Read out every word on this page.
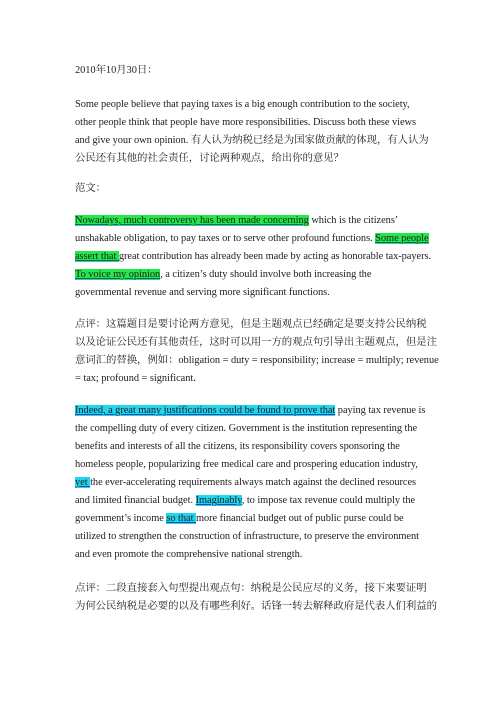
2010年10月30日：
Some people believe that paying taxes is a big enough contribution to the society,
other people think that people have more responsibilities. Discuss both these views
and give your own opinion. 有人认为纳税已经是为国家做贡献的体现，有人认为
公民还有其他的社会责任，讨论两种观点，给出你的意见？
范文：
Nowadays, much controversy has been made concerning which is the citizens’
unshakable obligation, to pay taxes or to serve other profound functions. Some people
assert that great contribution has already been made by acting as honorable tax-payers.
To voice my opinion, a citizen’s duty should involve both increasing the
governmental revenue and serving more significant functions.
点评：这篇题目是要讨论两方意见，但是主题观点已经确定是要支持公民纳税
以及论证公民还有其他责任，这时可以用一方的观点句引导出主题观点，但是注
意词汇的替换，例如：obligation = duty = responsibility; increase = multiply; revenue
= tax; profound = significant.
Indeed, a great many justifications could be found to prove that paying tax revenue is
the compelling duty of every citizen. Government is the institution representing the
benefits and interests of all the citizens, its responsibility covers sponsoring the
homeless people, popularizing free medical care and prospering education industry,
yet the ever-accelerating requirements always match against the declined resources
and limited financial budget. Imaginably, to impose tax revenue could multiply the
government’s income so that more financial budget out of public purse could be
utilized to strengthen the construction of infrastructure, to preserve the environment
and even promote the comprehensive national strength.
点评：二段直接套入句型提出观点句：纳税是公民应尽的义务，接下来要证明
为何公民纳税是必要的以及有哪些利好。话锋一转去解释政府是代表人们利益的
